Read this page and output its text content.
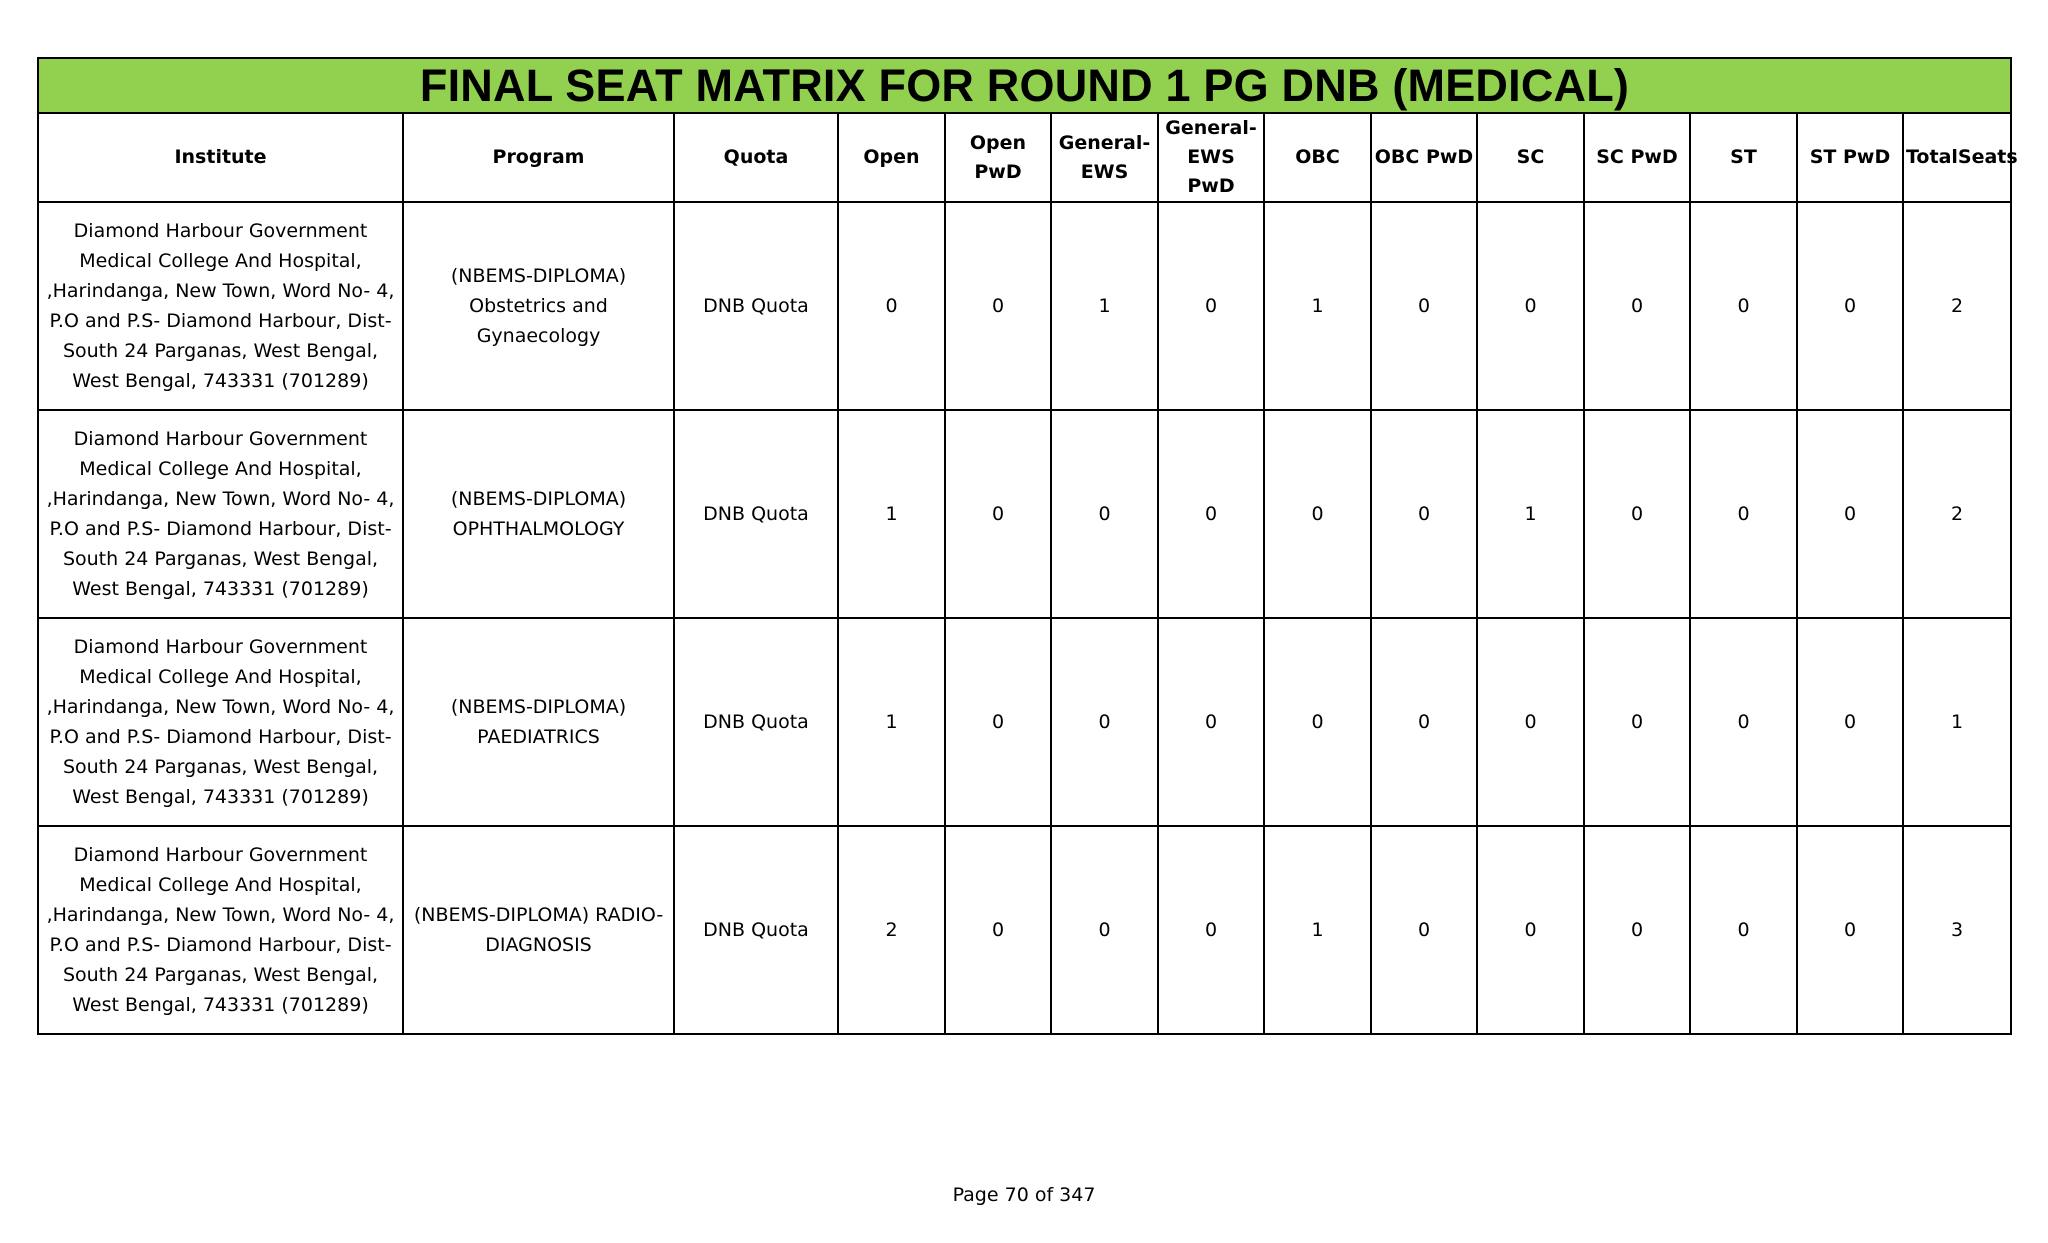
FINAL SEAT MATRIX FOR ROUND 1 PG DNB (MEDICAL)													
Institute	Program	Quota	Open	Open PwD	General-EWS	General-EWS PwD	OBC	OBC PwD	SC	SC PwD	ST	ST PwD	TotalSeats
Diamond Harbour Government Medical College And Hospital, ,Harindanga, New Town, Word No- 4, P.O and P.S- Diamond Harbour, Dist- South 24 Parganas, West Bengal, West Bengal, 743331 (701289)	(NBEMS-DIPLOMA) Obstetrics and Gynaecology	DNB Quota	0	0	1	0	1	0	0	0	0	0	2
Diamond Harbour Government Medical College And Hospital, ,Harindanga, New Town, Word No- 4, P.O and P.S- Diamond Harbour, Dist- South 24 Parganas, West Bengal, West Bengal, 743331 (701289)	(NBEMS-DIPLOMA) OPHTHALMOLOGY	DNB Quota	1	0	0	0	0	0	1	0	0	0	2
Diamond Harbour Government Medical College And Hospital, ,Harindanga, New Town, Word No- 4, P.O and P.S- Diamond Harbour, Dist- South 24 Parganas, West Bengal, West Bengal, 743331 (701289)	(NBEMS-DIPLOMA) PAEDIATRICS	DNB Quota	1	0	0	0	0	0	0	0	0	0	1
Diamond Harbour Government Medical College And Hospital, ,Harindanga, New Town, Word No- 4, P.O and P.S- Diamond Harbour, Dist- South 24 Parganas, West Bengal, West Bengal, 743331 (701289)	(NBEMS-DIPLOMA) RADIO-DIAGNOSIS	DNB Quota	2	0	0	0	1	0	0	0	0	0	3
Page 70 of 347
